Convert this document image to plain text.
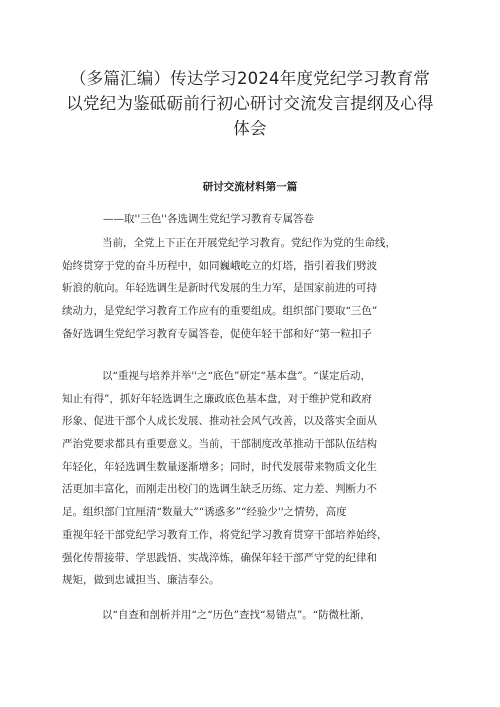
（多篇汇编）传达学习2024年度党纪学习教育常
以党纪为鉴砥砺前行初心研讨交流发言提纲及心得
体会
研讨交流材料第一篇
——取''三色''各选调生党纪学习教育专属答卷
当前，全党上下正在开展党纪学习教育。党纪作为党的生命线，
始终贯穿于党的奋斗历程中，如同巍峨屹立的灯塔，指引着我们劈波
斩浪的航向。年轻选调生是新时代发展的生力军，是国家前进的可持
续动力，是党纪学习教育工作应有的重要组成。组织部门要取“三色”
备好选调生党纪学习教育专属答卷，促使年轻干部和好“第一粒扣子
以“重视与培养并举''之“底色”研定“基本盘”。“谋定后动，
知止有得”，抓好年轻选调生之廉政底色基本盘，对于维护党和政府
形象、促进干部个人成长发展、推动社会风气改善，以及落实全面从
严治党要求都具有重要意义。当前，干部制度改革推动干部队伍结构
年轻化，年轻选调生数量逐渐增多；同时，时代发展带来物质文化生
活更加丰富化，而刚走出校门的选调生缺乏历练、定力差、判断力不
足。组织部门宜厘清“数量大”“诱惑多”“经验少''之情势，高度
重视年轻干部党纪学习教育工作，将党纪学习教育贯穿干部培养始终，
强化传帮接带、学思践悟、实战淬炼，确保年轻干部严守党的纪律和
规矩，做到忠诚担当、廉洁奉公。
以“自查和剖析并用“之“历色”查找“易错点”。“防微杜渐，
